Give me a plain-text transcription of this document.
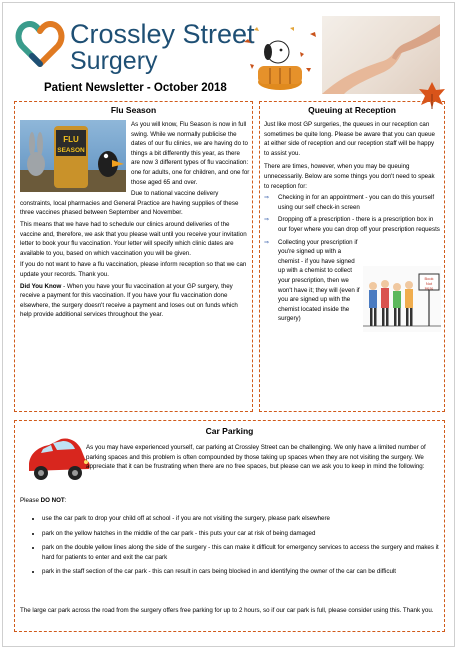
Crossley Street
Surgery
Patient Newsletter - October 2018
Flu Season
FLU
SEASON

As you will know, Flu Season is now in full swing. While we normally publicise the dates of our flu clinics, we are having do to things a bit differently this year, as there are now 3 different types of flu vaccination: one for adults, one for children, and one for those aged 65 and over.

Due to national vaccine delivery constraints, local pharmacies and General Practice are having supplies of these three vaccines phased between September and November.

This means that we have had to schedule our clinics around deliveries of the vaccine and, therefore, we ask that you please wait until you receive your invitation letter to book your flu vaccination. Your letter will specify which clinic dates are available to you, based on which vaccination you will be given.

If you do not want to have a flu vaccination, please inform reception so that we can update your records. Thank you.

Did You Know - When you have your flu vaccination at your GP surgery, they receive a payment for this vaccination. If you have your flu vaccination done elsewhere, the surgery doesn't receive a payment and loses out on funds which help provide additional services throughout the year.

Queuing at Reception

Just like most GP surgeries, the queues in our reception can sometimes be quite long. Please be aware that you can queue at either side of reception and our reception staff will be happy to assist you.

There are times, however, when you may be queuing unnecessarily. Below are some things you don't need to speak to reception for:

⇒ Checking in for an appointment - you can do this yourself using our self check-in screen
⇒ Dropping off a prescription - there is a prescription box in our foyer where you can drop off your prescription requests
⇒
Book
Not
Here
Collecting your prescription if you're signed up with a chemist - if you have signed up with a chemist to collect your prescription, then we won't have it; they will (even if you are signed up with the chemist located inside the surgery)
Car Parking
As you may have experienced yourself, car parking at Crossley Street can be challenging. We only have a limited number of parking spaces and this problem is often compounded by those taking up spaces when they are not visiting the surgery. We appreciate that it can be frustrating when there are no free spaces, but please can we ask you to keep in mind the following:
Please DO NOT:
• use the car park to drop your child off at school - if you are not visiting the surgery, please park elsewhere
• park on the yellow hatches in the middle of the car park - this puts your car at risk of being damaged
• park on the double yellow lines along the side of the surgery - this can make it difficult for emergency services to access the surgery and makes it hard for patients to enter and exit the car park
• park in the staff section of the car park - this can result in cars being blocked in and identifying the owner of the car can be difficult
The large car park across the road from the surgery offers free parking for up to 2 hours, so if our car park is full, please consider using this. Thank you.
